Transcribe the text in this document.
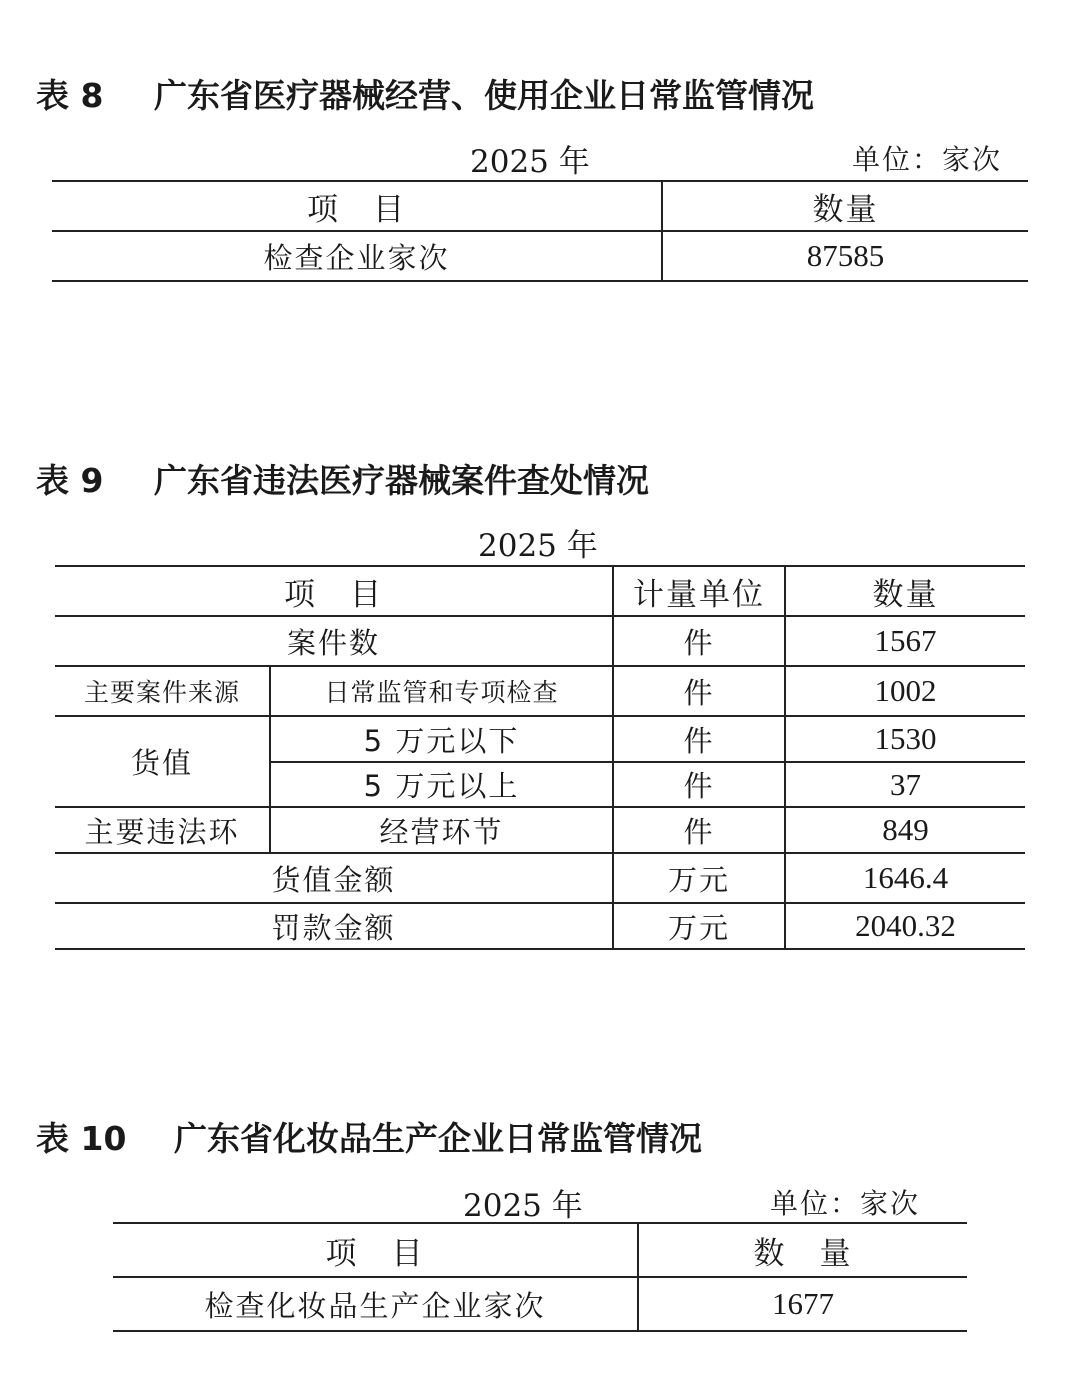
表 8 广东省医疗器械经营、使用企业日常监管情况
2025 年	单位：家次
项　目	数量
检查企业家次	87585
表 9 广东省违法医疗器械案件查处情况
2025 年
项　目		计量单位	数量
案件数		件	1567
主要案件来源	日常监管和专项检查	件	1002
货值	5 万元以下	件	1530
	5 万元以上	件	37
主要违法环	经营环节	件	849
货值金额		万元	1646.4
罚款金额		万元	2040.32
表 10 广东省化妆品生产企业日常监管情况
2025 年	单位：家次
项　目	数　量
检查化妆品生产企业家次	1677
